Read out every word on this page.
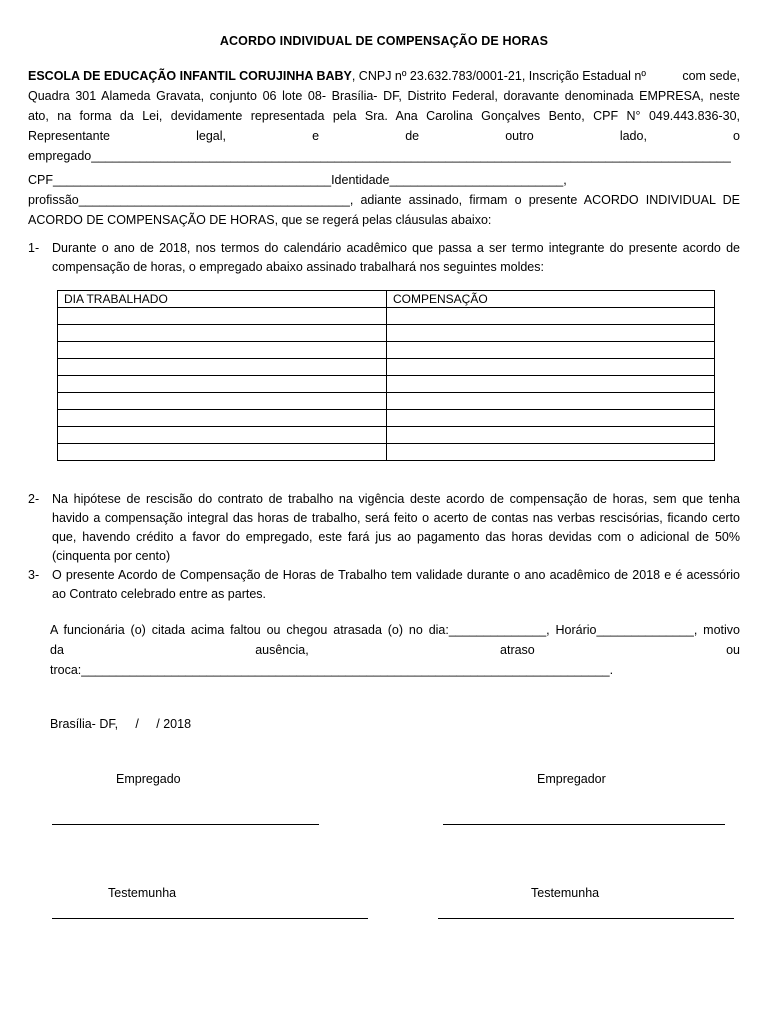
ACORDO INDIVIDUAL DE COMPENSAÇÃO DE HORAS
ESCOLA DE EDUCAÇÃO INFANTIL CORUJINHA BABY, CNPJ nº 23.632.783/0001-21, Inscrição Estadual nº	com sede,
Quadra 301 Alameda Gravata, conjunto 06 lote 08- Brasília- DF, Distrito Federal, doravante denominada EMPRESA, neste
ato, na forma da Lei, devidamente representada pela Sra. Ana Carolina Gonçalves Bento, CPF N° 049.443.836-30,
Representante	legal,	e	de	outro	lado,	o
empregado____________________________________________________________________________________________
CPF________________________________________Identidade_________________________,
profissão_______________________________________, adiante assinado, firmam o presente ACORDO INDIVIDUAL DE
ACORDO DE COMPENSAÇÃO DE HORAS, que se regerá pelas cláusulas abaixo:
1- Durante o ano de 2018, nos termos do calendário acadêmico que passa a ser termo integrante do presente acordo de compensação de horas, o empregado abaixo assinado trabalhará nos seguintes moldes:
DIA TRABALHADO	COMPENSAÇÃO

2- Na hipótese de rescisão do contrato de trabalho na vigência deste acordo de compensação de horas, sem que tenha havido a compensação integral das horas de trabalho, será feito o acerto de contas nas verbas rescisórias, ficando certo que, havendo crédito a favor do empregado, este fará jus ao pagamento das horas devidas com o adicional de 50% (cinquenta por cento)
3- O presente Acordo de Compensação de Horas de Trabalho tem validade durante o ano acadêmico de 2018 e é acessório ao Contrato celebrado entre as partes.
A funcionária (o) citada acima faltou ou chegou atrasada (o) no dia:______________, Horário______________, motivo
da	ausência,	atraso	ou
troca:____________________________________________________________________________.
Brasília- DF,     /     / 2018
Empregado	Empregador
Testemunha	Testemunha
